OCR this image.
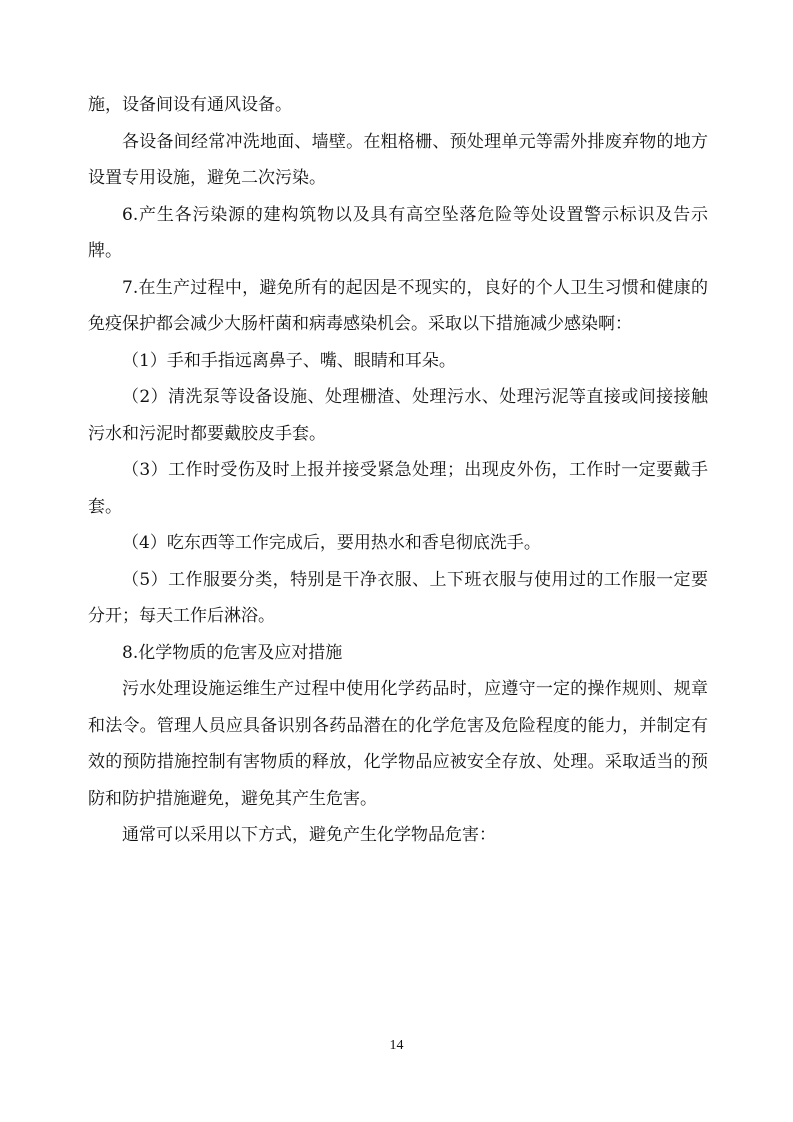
施，设备间设有通风设备。

各设备间经常冲洗地面、墙壁。在粗格栅、预处理单元等需外排废弃物的地方设置专用设施，避免二次污染。

6.产生各污染源的建构筑物以及具有高空坠落危险等处设置警示标识及告示牌。

7.在生产过程中，避免所有的起因是不现实的，良好的个人卫生习惯和健康的免疫保护都会减少大肠杆菌和病毒感染机会。采取以下措施减少感染啊：

（1）手和手指远离鼻子、嘴、眼睛和耳朵。

（2）清洗泵等设备设施、处理栅渣、处理污水、处理污泥等直接或间接接触污水和污泥时都要戴胶皮手套。

（3）工作时受伤及时上报并接受紧急处理；出现皮外伤，工作时一定要戴手套。

（4）吃东西等工作完成后，要用热水和香皂彻底洗手。

（5）工作服要分类，特别是干净衣服、上下班衣服与使用过的工作服一定要分开；每天工作后淋浴。

8.化学物质的危害及应对措施

污水处理设施运维生产过程中使用化学药品时，应遵守一定的操作规则、规章和法令。管理人员应具备识别各药品潜在的化学危害及危险程度的能力，并制定有效的预防措施控制有害物质的释放，化学物品应被安全存放、处理。采取适当的预防和防护措施避免，避免其产生危害。

通常可以采用以下方式，避免产生化学物品危害：

14
